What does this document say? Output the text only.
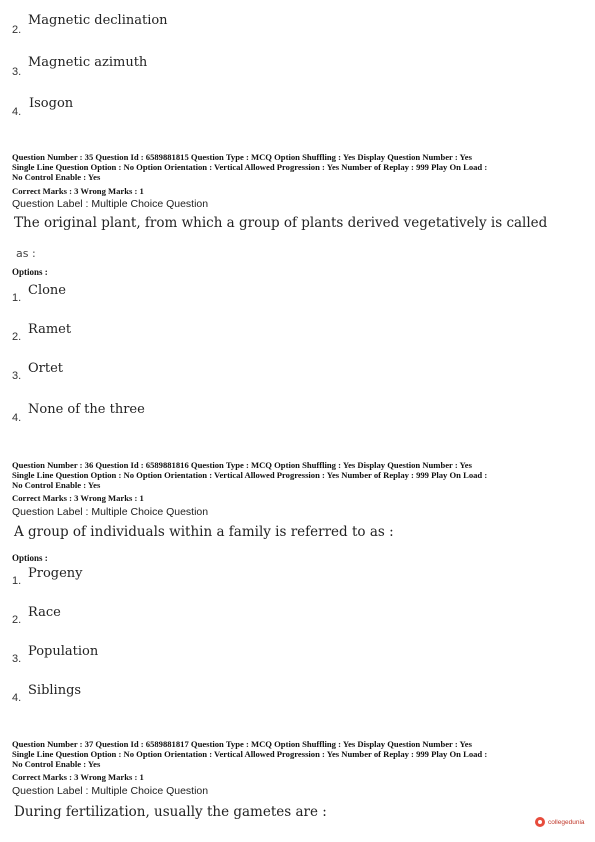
2.
Magnetic declination
3.
Magnetic azimuth
4.
Isogon
Question Number : 35 Question Id : 6589881815 Question Type : MCQ Option Shuffling : Yes Display Question Number : Yes
Single Line Question Option : No Option Orientation : Vertical Allowed Progression : Yes Number of Replay : 999 Play On Load :
No Control Enable : Yes
Correct Marks : 3 Wrong Marks : 1
Question Label : Multiple Choice Question
The original plant, from which a group of plants derived vegetatively is called
as :
Options :
1. Clone
2. Ramet
3. Ortet
4.
None of the three
Question Number : 36 Question Id : 6589881816 Question Type : MCQ Option Shuffling : Yes Display Question Number : Yes
Single Line Question Option : No Option Orientation : Vertical Allowed Progression : Yes Number of Replay : 999 Play On Load :
No Control Enable : Yes
Correct Marks : 3 Wrong Marks : 1
Question Label : Multiple Choice Question
A group of individuals within a family is referred to as :
Options :
1. Progeny
2. Race
3. Population
4. Siblings
Question Number : 37 Question Id : 6589881817 Question Type : MCQ Option Shuffling : Yes Display Question Number : Yes
Single Line Question Option : No Option Orientation : Vertical Allowed Progression : Yes Number of Replay : 999 Play On Load :
No Control Enable : Yes
Correct Marks : 3 Wrong Marks : 1
Question Label : Multiple Choice Question
During fertilization, usually the gametes are :
collegedunia
